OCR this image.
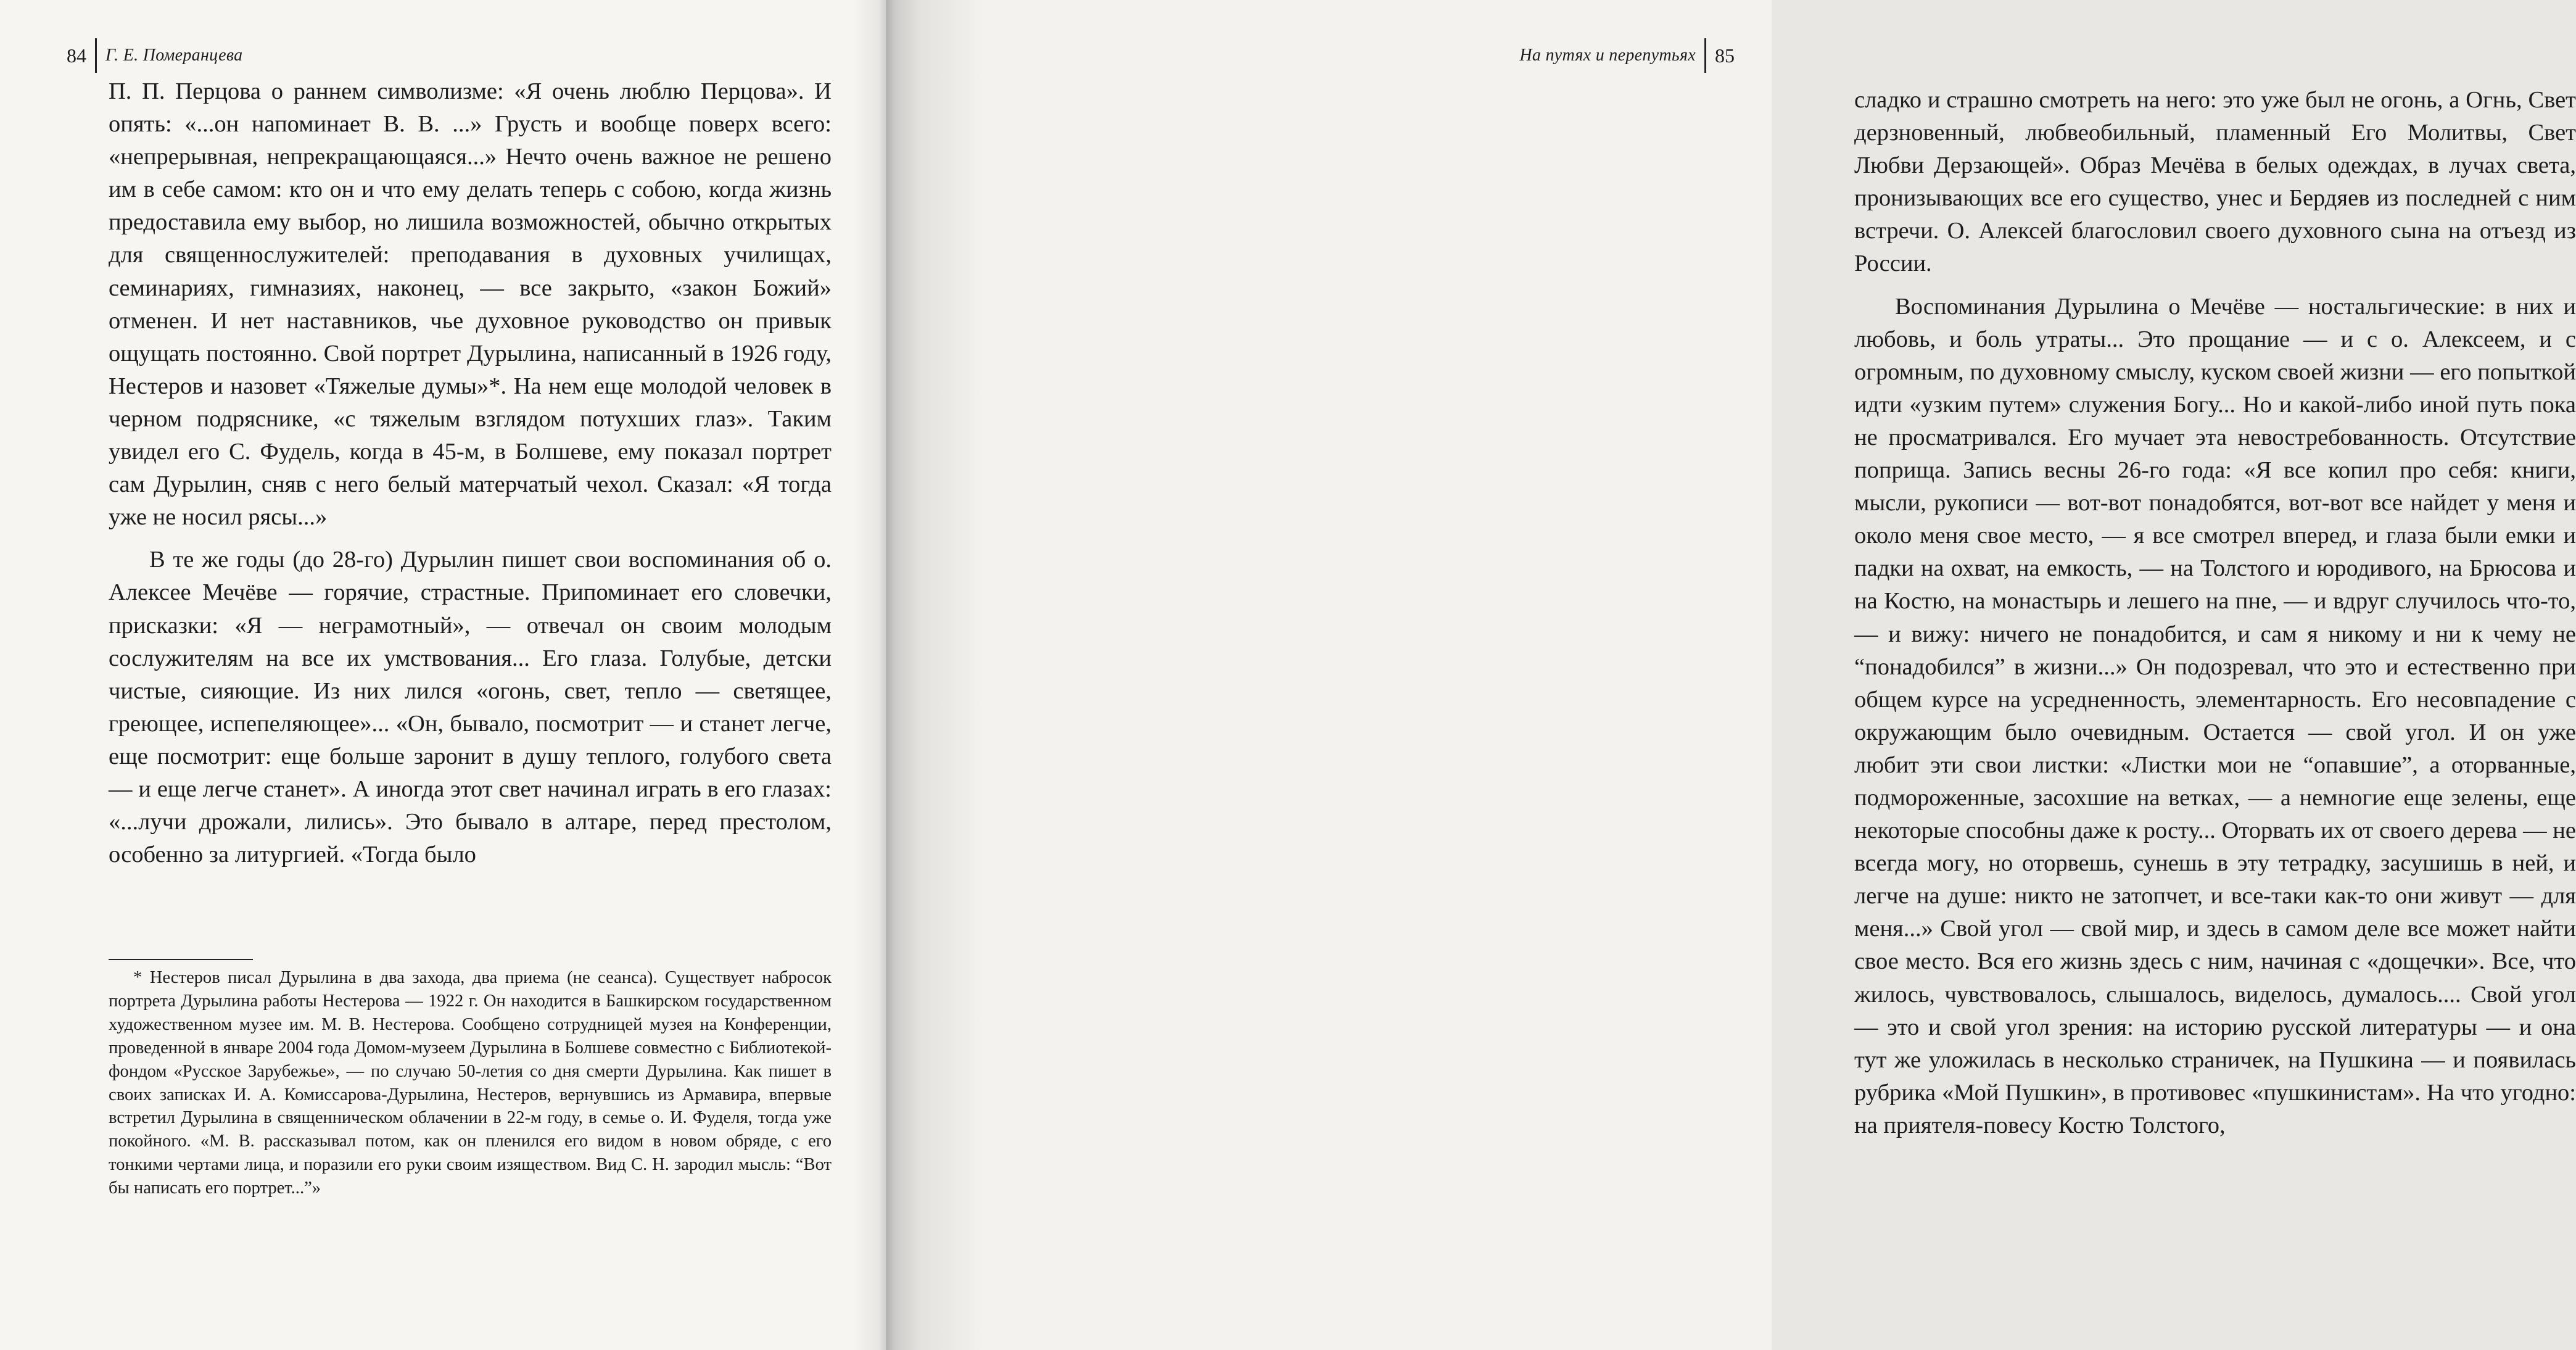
84 Г. Е. Померанцева

П. П. Перцова о раннем символизме: «Я очень люблю Перцова». И опять: «...он напоминает В. В. ...» Грусть и вообще поверх всего: «непрерывная, непрекращающаяся...» Нечто очень важное не решено им в себе самом: кто он и что ему делать теперь с собою, когда жизнь предоставила ему выбор, но лишила возможностей, обычно открытых для священнослужителей: преподавания в духовных училищах, семинариях, гимназиях, наконец, — все закрыто, «закон Божий» отменен. И нет наставников, чье духовное руководство он привык ощущать постоянно. Свой портрет Дурылина, написанный в 1926 году, Нестеров и назовет «Тяжелые думы»*. На нем еще молодой человек в черном подряснике, «с тяжелым взглядом потухших глаз». Таким увидел его С. Фудель, когда в 45-м, в Болшеве, ему показал портрет сам Дурылин, сняв с него белый матерчатый чехол. Сказал: «Я тогда уже не носил рясы...»

В те же годы (до 28-го) Дурылин пишет свои воспоминания об о. Алексее Мечёве — горячие, страстные. Припоминает его словечки, присказки: «Я — неграмотный», — отвечал он своим молодым сослужителям на все их умствования... Его глаза. Голубые, детски чистые, сияющие. Из них лился «огонь, свет, тепло — светящее, греющее, испепеляющее»... «Он, бывало, посмотрит — и станет легче, еще посмотрит: еще больше заронит в душу теплого, голубого света — и еще легче станет». А иногда этот свет начинал играть в его глазах: «...лучи дрожали, лились». Это бывало в алтаре, перед престолом, особенно за литургией. «Тогда было

* Нестеров писал Дурылина в два захода, два приема (не сеанса). Существует набросок портрета Дурылина работы Нестерова — 1922 г. Он находится в Башкирском государственном художественном музее им. М. В. Нестерова. Сообщено сотрудницей музея на Конференции, проведенной в январе 2004 года Домом-музеем Дурылина в Болшеве совместно с Библиотекой-фондом «Русское Зарубежье», — по случаю 50-летия со дня смерти Дурылина. Как пишет в своих записках И. А. Комиссарова-Дурылина, Нестеров, вернувшись из Армавира, впервые встретил Дурылина в священническом облачении в 22-м году, в семье о. И. Фуделя, тогда уже покойного. «М. В. рассказывал потом, как он пленился его видом в новом обряде, с его тонкими чертами лица, и поразили его руки своим изяществом. Вид С. Н. зародил мысль: “Вот бы написать его портрет...”»

На путях и перепутьях 85

сладко и страшно смотреть на него: это уже был не огонь, а Огнь, Свет дерзновенный, любвеобильный, пламенный Его Молитвы, Свет Любви Дерзающей». Образ Мечёва в белых одеждах, в лучах света, пронизывающих все его существо, унес и Бердяев из последней с ним встречи. О. Алексей благословил своего духовного сына на отъезд из России.

Воспоминания Дурылина о Мечёве — ностальгические: в них и любовь, и боль утраты... Это прощание — и с о. Алексеем, и с огромным, по духовному смыслу, куском своей жизни — его попыткой идти «узким путем» служения Богу... Но и какой-либо иной путь пока не просматривался. Его мучает эта невостребованность. Отсутствие поприща. Запись весны 26-го года: «Я все копил про себя: книги, мысли, рукописи — вот-вот понадобятся, вот-вот все найдет у меня и около меня свое место, — я все смотрел вперед, и глаза были емки и падки на охват, на емкость, — на Толстого и юродивого, на Брюсова и на Костю, на монастырь и лешего на пне, — и вдруг случилось что-то, — и вижу: ничего не понадобится, и сам я никому и ни к чему не “понадобился” в жизни...» Он подозревал, что это и естественно при общем курсе на усредненность, элементарность. Его несовпадение с окружающим было очевидным. Остается — свой угол. И он уже любит эти свои листки: «Листки мои не “опавшие”, а оторванные, подмороженные, засохшие на ветках, — а немногие еще зелены, еще некоторые способны даже к росту... Оторвать их от своего дерева — не всегда могу, но оторвешь, сунешь в эту тетрадку, засушишь в ней, и легче на душе: никто не затопчет, и все-таки как-то они живут — для меня...» Свой угол — свой мир, и здесь в самом деле все может найти свое место. Вся его жизнь здесь с ним, начиная с «дощечки». Все, что жилось, чувствовалось, слышалось, виделось, думалось.... Свой угол — это и свой угол зрения: на историю русской литературы — и она тут же уложилась в несколько страничек, на Пушкина — и появилась рубрика «Мой Пушкин», в противовес «пушкинистам». На что угодно: на приятеля-повесу Костю Толстого,
